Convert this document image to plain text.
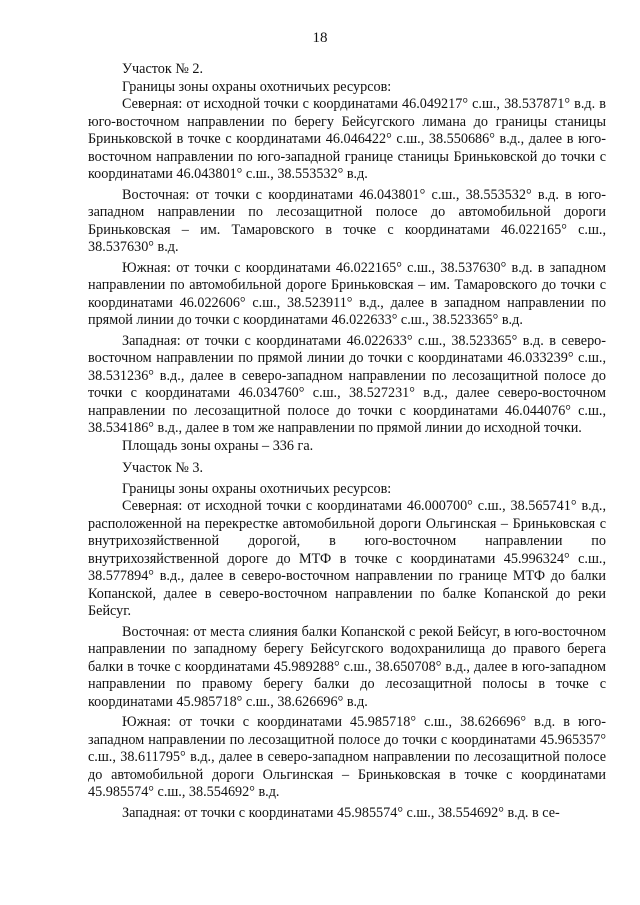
18

Участок № 2.

Границы зоны охраны охотничьих ресурсов:

Северная: от исходной точки с координатами 46.049217° с.ш., 38.537871° в.д. в юго-восточном направлении по берегу Бейсугского лимана до границы станицы Бриньковской в точке с координатами 46.046422° с.ш., 38.550686° в.д., далее в юго-восточном направлении по юго-западной границе станицы Бриньковской до точки с координатами 46.043801° с.ш., 38.553532° в.д.

Восточная: от точки с координатами 46.043801° с.ш., 38.553532° в.д. в юго-западном направлении по лесозащитной полосе до автомобильной дороги Бриньковская – им. Тамаровского в точке с координатами 46.022165° с.ш., 38.537630° в.д.

Южная: от точки с координатами 46.022165° с.ш., 38.537630° в.д. в западном направлении по автомобильной дороге Бриньковская – им. Тамаровского до точки с координатами 46.022606° с.ш., 38.523911° в.д., далее в западном направлении по прямой линии до точки с координатами 46.022633° с.ш., 38.523365° в.д.

Западная: от точки с координатами 46.022633° с.ш., 38.523365° в.д. в северо-восточном направлении по прямой линии до точки с координатами 46.033239° с.ш., 38.531236° в.д., далее в северо-западном направлении по лесозащитной полосе до точки с координатами 46.034760° с.ш., 38.527231° в.д., далее северо-восточном направлении по лесозащитной полосе до точки с координатами 46.044076° с.ш., 38.534186° в.д., далее в том же направлении по прямой линии до исходной точки.

Площадь зоны охраны – 336 га.

Участок № 3.

Границы зоны охраны охотничьих ресурсов:

Северная: от исходной точки с координатами 46.000700° с.ш., 38.565741° в.д., расположенной на перекрестке автомобильной дороги Ольгинская – Бриньковская с внутрихозяйственной дорогой, в юго-восточном направлении по внутрихозяйственной дороге до МТФ в точке с координатами 45.996324° с.ш., 38.577894° в.д., далее в северо-восточном направлении по границе МТФ до балки Копанской, далее в северо-восточном направлении по балке Копанской до реки Бейсуг.

Восточная: от места слияния балки Копанской с рекой Бейсуг, в юго-восточном направлении по западному берегу Бейсугского водохранилища до правого берега балки в точке с координатами 45.989288° с.ш., 38.650708° в.д., далее в юго-западном направлении по правому берегу балки до лесозащитной полосы в точке с координатами 45.985718° с.ш., 38.626696° в.д.

Южная: от точки с координатами 45.985718° с.ш., 38.626696° в.д. в юго-западном направлении по лесозащитной полосе до точки с координатами 45.965357° с.ш., 38.611795° в.д., далее в северо-западном направлении по лесозащитной полосе до автомобильной дороги Ольгинская – Бриньковская в точке с координатами 45.985574° с.ш., 38.554692° в.д.

Западная: от точки с координатами 45.985574° с.ш., 38.554692° в.д. в се-
